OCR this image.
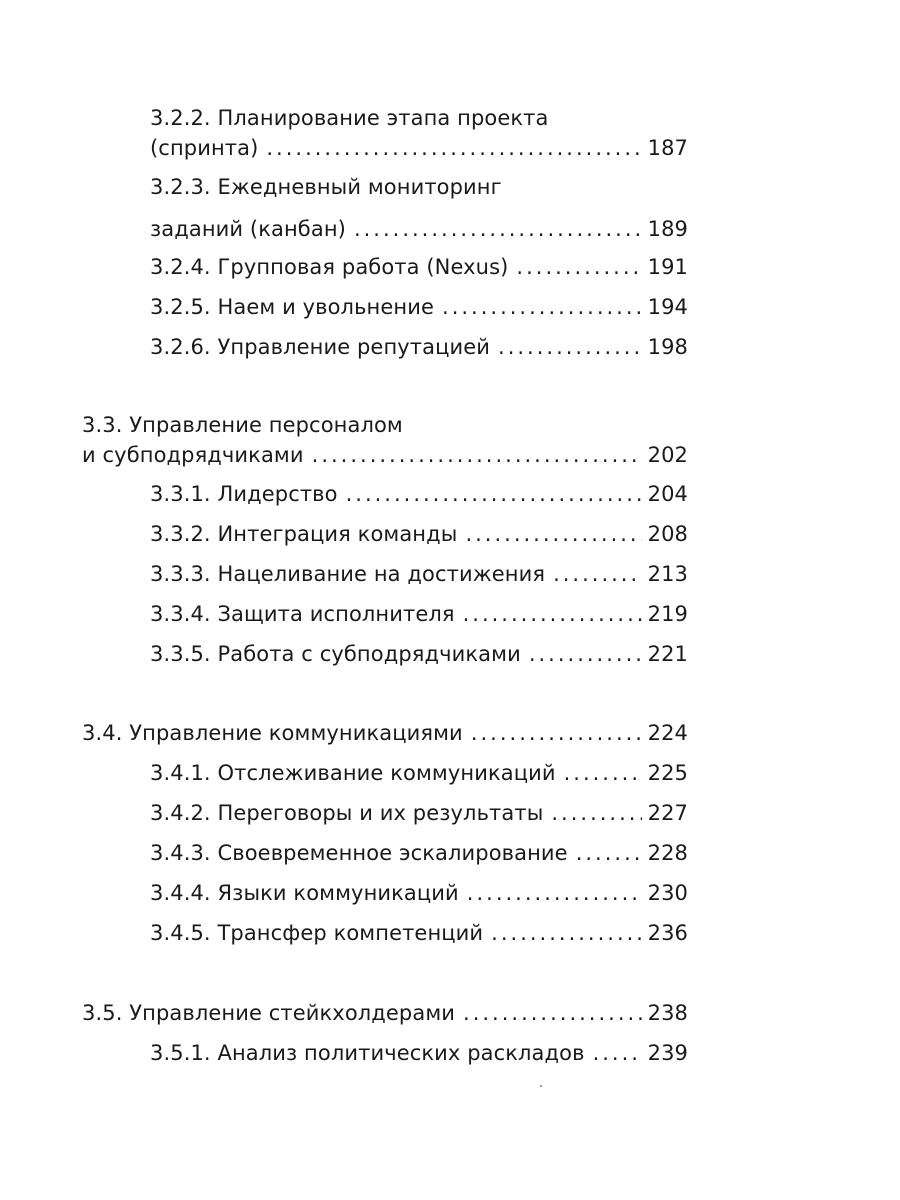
3.2.2. Планирование этапа проекта
(спринта) .....	187
3.2.3. Ежедневный мониторинг
заданий (канбан) .....	189
3.2.4. Групповая работа (Nexus) .....	191
3.2.5. Наем и увольнение .....	194
3.2.6. Управление репутацией .....	198
3.3. Управление персоналом
и субподрядчиками .....	202
3.3.1. Лидерство .....	204
3.3.2. Интеграция команды .....	208
3.3.3. Нацеливание на достижения .....	213
3.3.4. Защита исполнителя .....	219
3.3.5. Работа с субподрядчиками .....	221
3.4. Управление коммуникациями .....	224
3.4.1. Отслеживание коммуникаций .....	225
3.4.2. Переговоры и их результаты .....	227
3.4.3. Своевременное эскалирование .....	228
3.4.4. Языки коммуникаций .....	230
3.4.5. Трансфер компетенций .....	236
3.5. Управление стейкхолдерами .....	238
3.5.1. Анализ политических раскладов .....	239
